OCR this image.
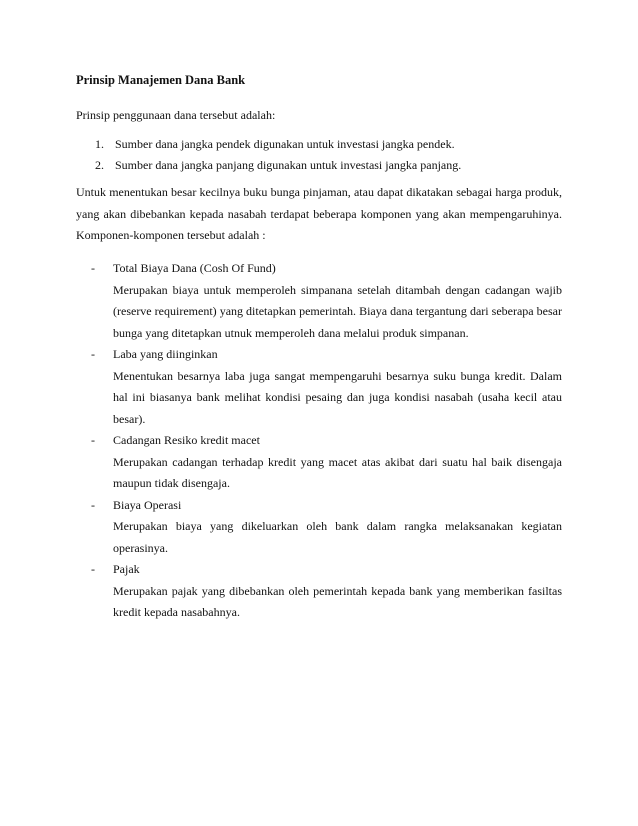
Prinsip Manajemen Dana Bank

Prinsip penggunaan dana tersebut adalah:

1. Sumber dana jangka pendek digunakan untuk investasi jangka pendek.
2. Sumber dana jangka panjang digunakan untuk investasi jangka panjang.

Untuk menentukan besar kecilnya buku bunga pinjaman, atau dapat dikatakan sebagai harga produk, yang akan dibebankan kepada nasabah terdapat beberapa komponen yang akan mempengaruhinya. Komponen-komponen tersebut adalah :

- Total Biaya Dana (Cosh Of Fund)

Merupakan biaya untuk memperoleh simpanana setelah ditambah dengan cadangan wajib (reserve requirement) yang ditetapkan pemerintah. Biaya dana tergantung dari seberapa besar bunga yang ditetapkan utnuk memperoleh dana melalui produk simpanan.

- Laba yang diinginkan

Menentukan besarnya laba juga sangat mempengaruhi besarnya suku bunga kredit. Dalam hal ini biasanya bank melihat kondisi pesaing dan juga kondisi nasabah (usaha kecil atau besar).

- Cadangan Resiko kredit macet

Merupakan cadangan terhadap kredit yang macet atas akibat dari suatu hal baik disengaja maupun tidak disengaja.

- Biaya Operasi

Merupakan biaya yang dikeluarkan oleh bank dalam rangka melaksanakan kegiatan operasinya.

- Pajak

Merupakan pajak yang dibebankan oleh pemerintah kepada bank yang memberikan fasiltas kredit kepada nasabahnya.
